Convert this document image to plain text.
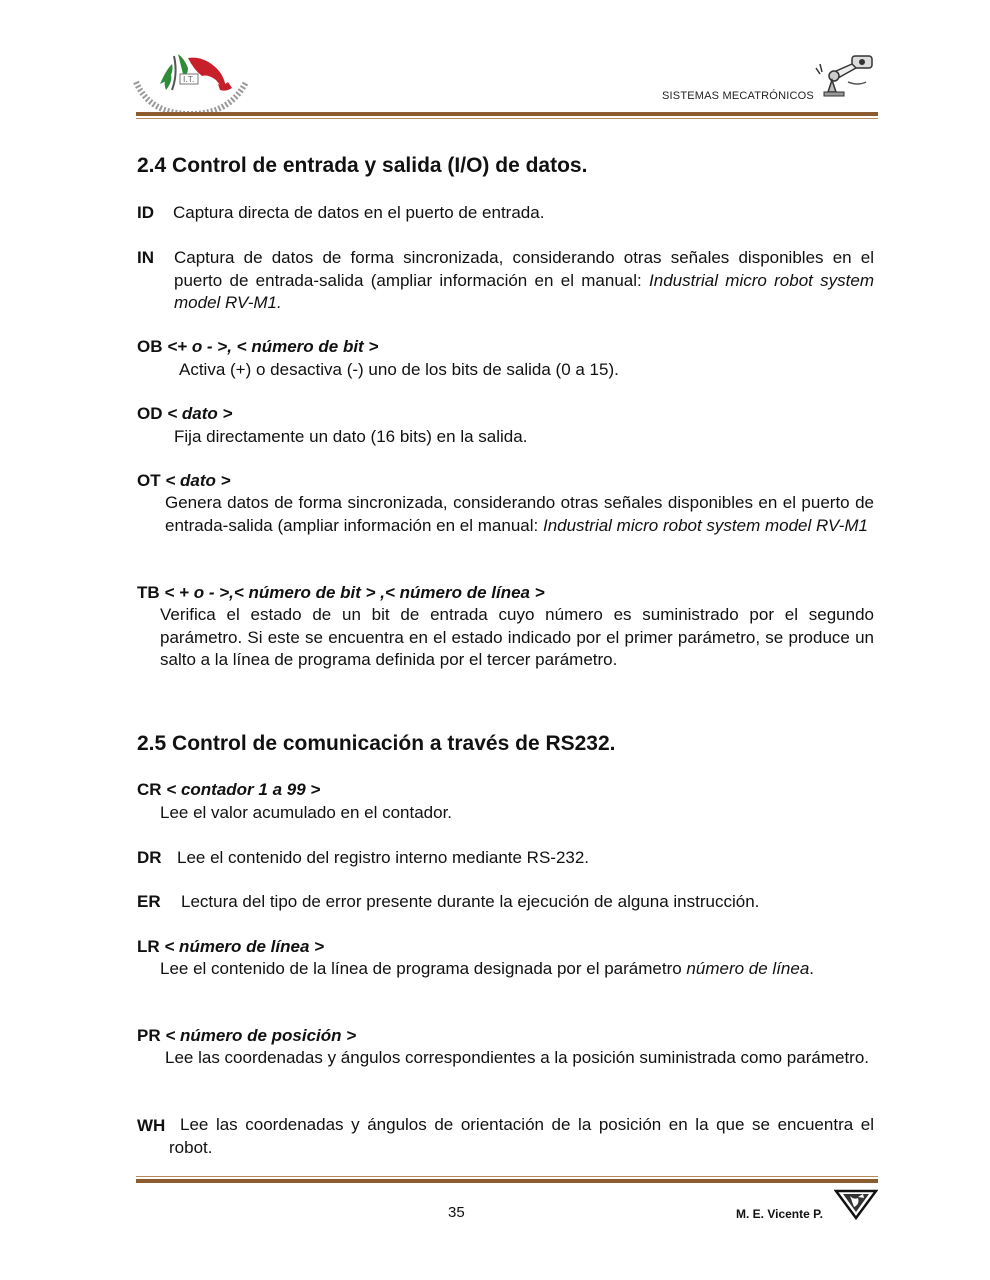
I.T.
SISTEMAS MECATRÓNICOS
2.4 Control de entrada y salida (I/O) de datos.
ID Captura directa de datos en el puerto de entrada.
IN Captura de datos de forma sincronizada, considerando otras señales disponibles en el puerto de entrada-salida (ampliar información en el manual: Industrial micro robot system model RV-M1.
OB <+ o - >, < número de bit >
Activa (+) o desactiva (-) uno de los bits de salida (0 a 15).
OD < dato >
Fija directamente un dato (16 bits) en la salida.
OT < dato >
Genera datos de forma sincronizada, considerando otras señales disponibles en el puerto de entrada-salida (ampliar información en el manual: Industrial micro robot system model RV-M1
TB < + o - >,< número de bit > ,< número de línea >
Verifica el estado de un bit de entrada cuyo número es suministrado por el segundo parámetro. Si este se encuentra en el estado indicado por el primer parámetro, se produce un salto a la línea de programa definida por el tercer parámetro.
2.5 Control de comunicación a través de RS232.
CR < contador 1 a 99 >
Lee el valor acumulado en el contador.
DR Lee el contenido del registro interno mediante RS-232.
ER Lectura del tipo de error presente durante la ejecución de alguna instrucción.
LR < número de línea >
Lee el contenido de la línea de programa designada por el parámetro número de línea.
PR < número de posición >
Lee las coordenadas y ángulos correspondientes a la posición suministrada como parámetro.
WH Lee las coordenadas y ángulos de orientación de la posición en la que se encuentra el robot.
35	M. E. Vicente P.
